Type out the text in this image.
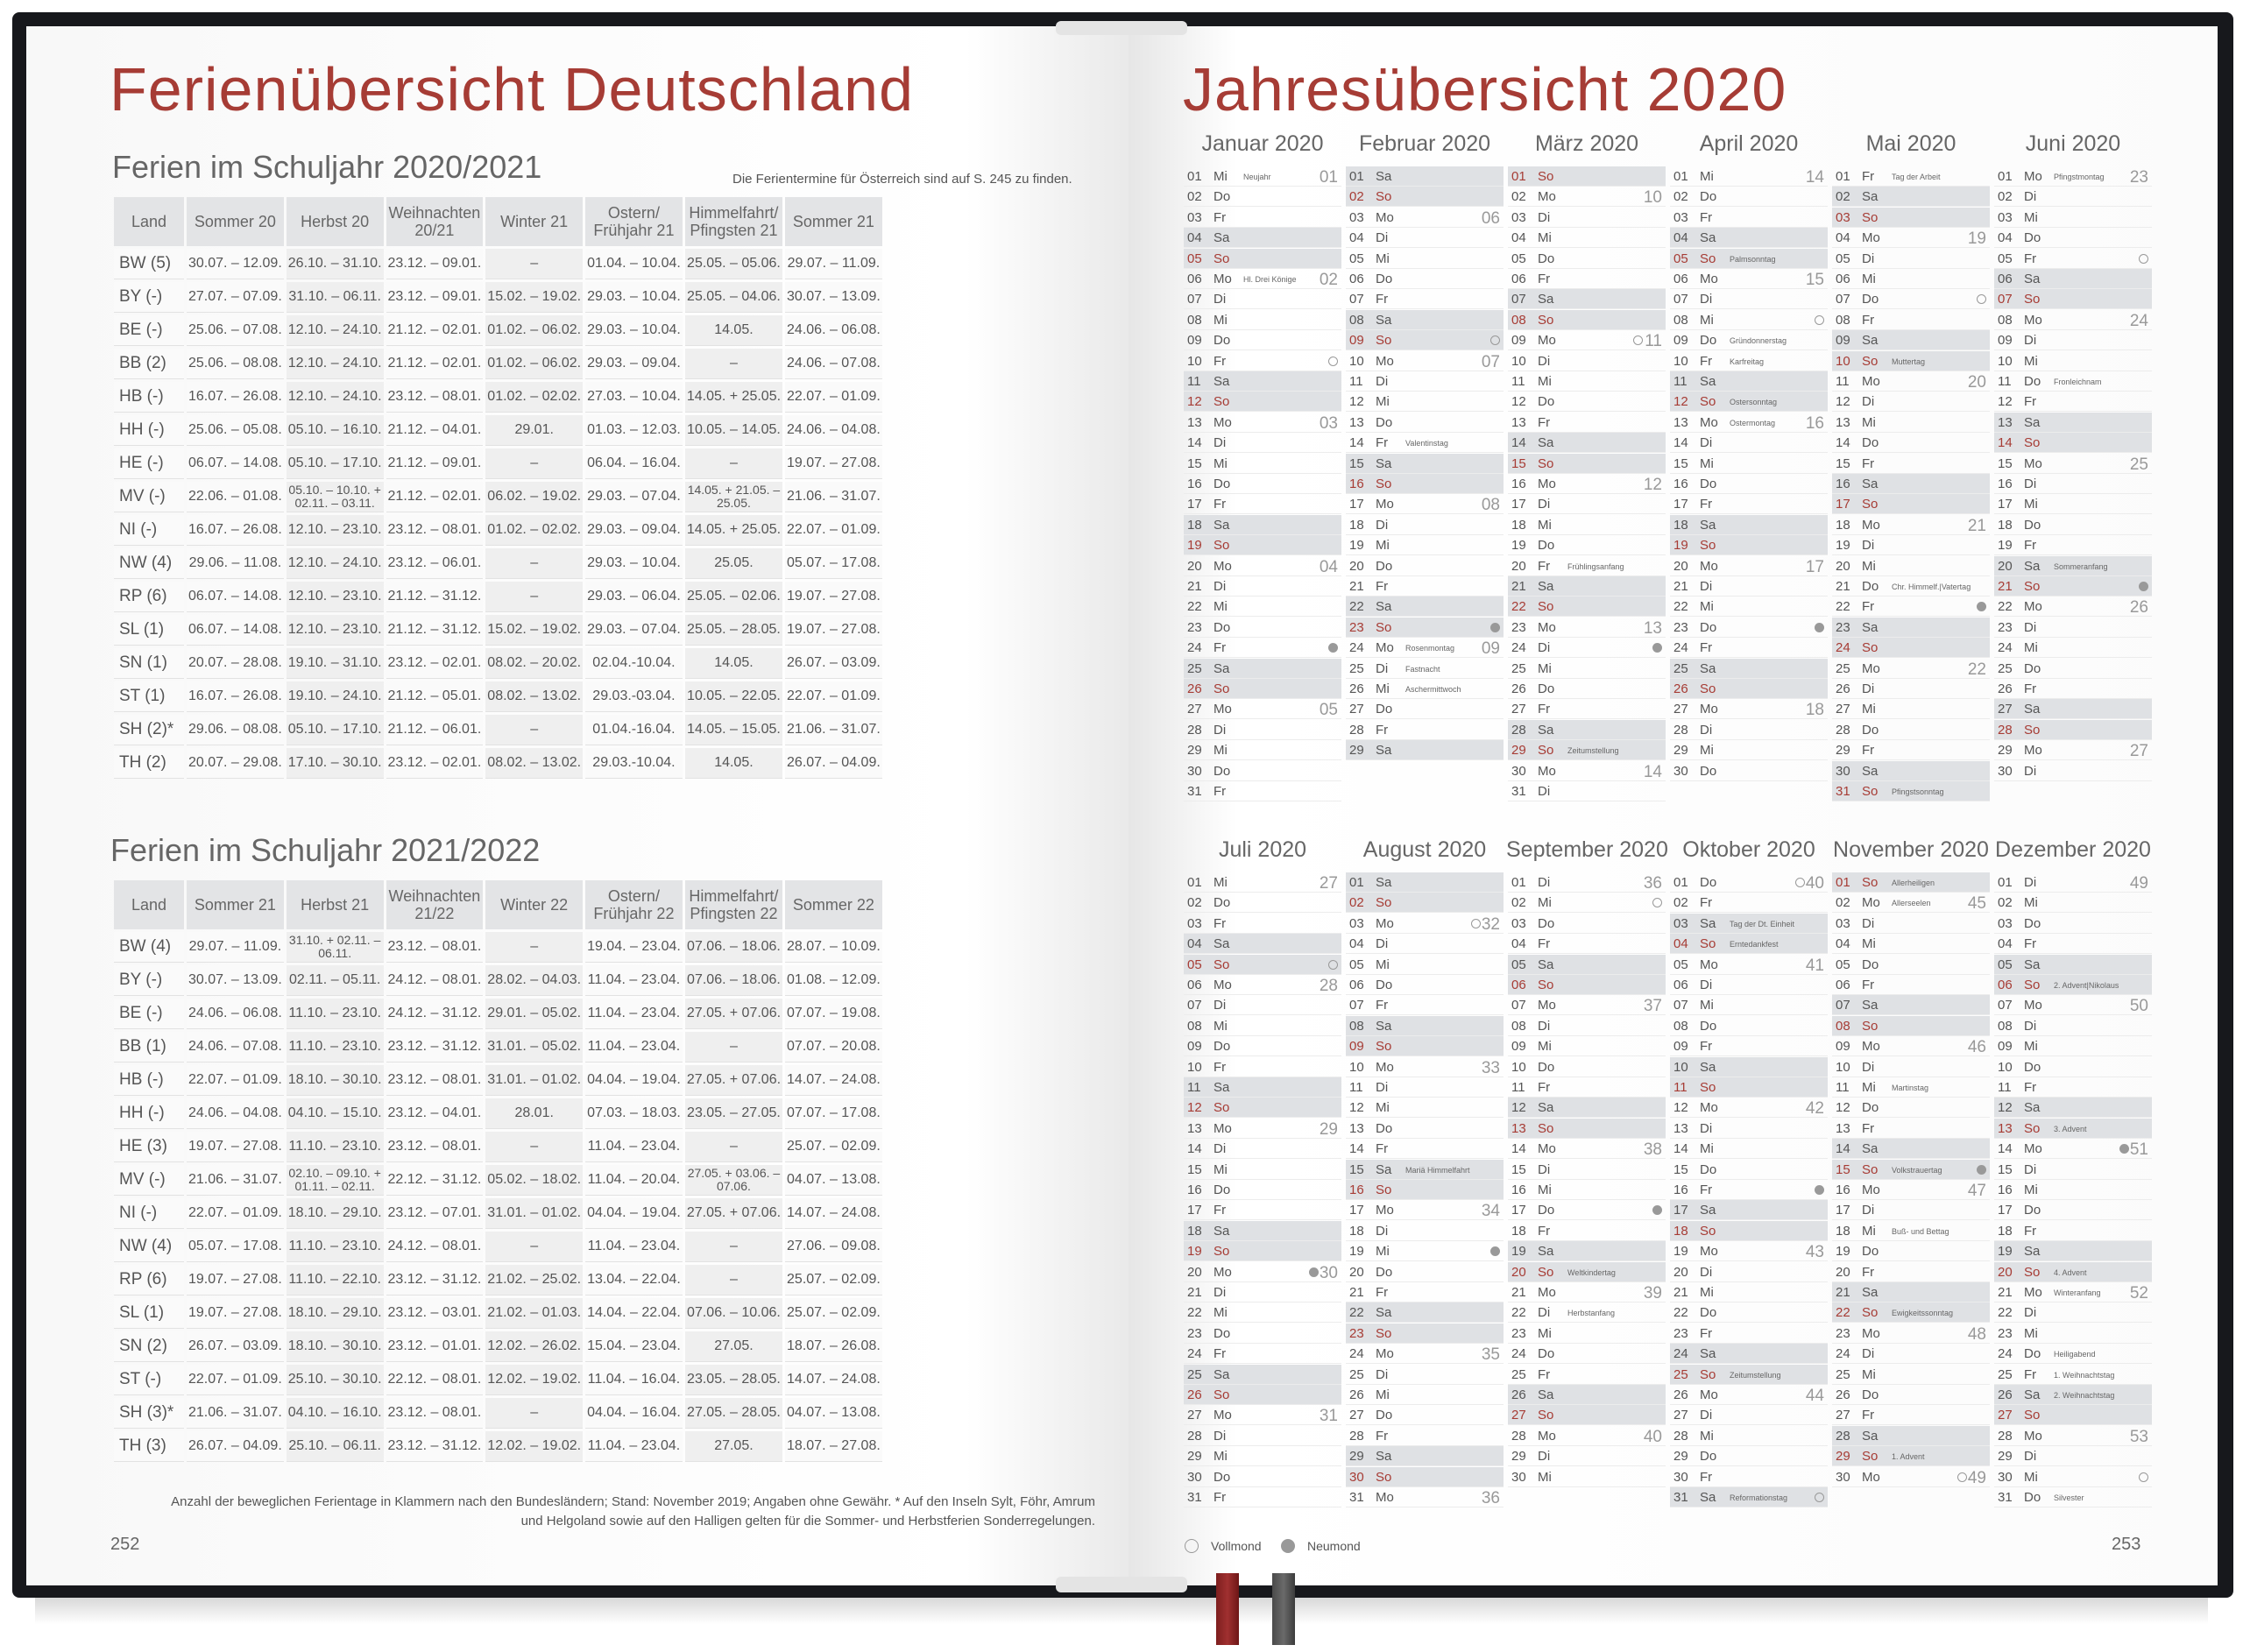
Ferienübersicht Deutschland
Ferien im Schuljahr 2020/2021	Die Ferientermine für Österreich sind auf S. 245 zu finden.
Land	Sommer 20	Herbst 20	Weihnachten
20/21	Winter 21	Ostern/
Frühjahr 21	Himmelfahrt/
Pfingsten 21	Sommer 21
BW (5)	30.07. – 12.09.	26.10. – 31.10.	23.12. – 09.01.	–	01.04. – 10.04.	25.05. – 05.06.	29.07. – 11.09.
BY (-)	27.07. – 07.09.	31.10. – 06.11.	23.12. – 09.01.	15.02. – 19.02.	29.03. – 10.04.	25.05. – 04.06.	30.07. – 13.09.
BE (-)	25.06. – 07.08.	12.10. – 24.10.	21.12. – 02.01.	01.02. – 06.02.	29.03. – 10.04.	14.05.	24.06. – 06.08.
BB (2)	25.06. – 08.08.	12.10. – 24.10.	21.12. – 02.01.	01.02. – 06.02.	29.03. – 09.04.	–	24.06. – 07.08.
HB (-)	16.07. – 26.08.	12.10. – 24.10.	23.12. – 08.01.	01.02. – 02.02.	27.03. – 10.04.	14.05. + 25.05.	22.07. – 01.09.
HH (-)	25.06. – 05.08.	05.10. – 16.10.	21.12. – 04.01.	29.01.	01.03. – 12.03.	10.05. – 14.05.	24.06. – 04.08.
HE (-)	06.07. – 14.08.	05.10. – 17.10.	21.12. – 09.01.	–	06.04. – 16.04.	–	19.07. – 27.08.
MV (-)	22.06. – 01.08.	05.10. – 10.10. + 02.11. – 03.11.	21.12. – 02.01.	06.02. – 19.02.	29.03. – 07.04.	14.05. + 21.05. – 25.05.	21.06. – 31.07.
NI (-)	16.07. – 26.08.	12.10. – 23.10.	23.12. – 08.01.	01.02. – 02.02.	29.03. – 09.04.	14.05. + 25.05.	22.07. – 01.09.
NW (4)	29.06. – 11.08.	12.10. – 24.10.	23.12. – 06.01.	–	29.03. – 10.04.	25.05.	05.07. – 17.08.
RP (6)	06.07. – 14.08.	12.10. – 23.10.	21.12. – 31.12.	–	29.03. – 06.04.	25.05. – 02.06.	19.07. – 27.08.
SL (1)	06.07. – 14.08.	12.10. – 23.10.	21.12. – 31.12.	15.02. – 19.02.	29.03. – 07.04.	25.05. – 28.05.	19.07. – 27.08.
SN (1)	20.07. – 28.08.	19.10. – 31.10.	23.12. – 02.01.	08.02. – 20.02.	02.04.-10.04.	14.05.	26.07. – 03.09.
ST (1)	16.07. – 26.08.	19.10. – 24.10.	21.12. – 05.01.	08.02. – 13.02.	29.03.-03.04.	10.05. – 22.05.	22.07. – 01.09.
SH (2)*	29.06. – 08.08.	05.10. – 17.10.	21.12. – 06.01.	–	01.04.-16.04.	14.05. – 15.05.	21.06. – 31.07.
TH (2)	20.07. – 29.08.	17.10. – 30.10.	23.12. – 02.01.	08.02. – 13.02.	29.03.-10.04.	14.05.	26.07. – 04.09.
Ferien im Schuljahr 2021/2022
Land	Sommer 21	Herbst 21	Weihnachten
21/22	Winter 22	Ostern/
Frühjahr 22	Himmelfahrt/
Pfingsten 22	Sommer 22
BW (4)	29.07. – 11.09.	31.10. + 02.11. – 06.11.	23.12. – 08.01.	–	19.04. – 23.04.	07.06. – 18.06.	28.07. – 10.09.
BY (-)	30.07. – 13.09.	02.11. – 05.11.	24.12. – 08.01.	28.02. – 04.03.	11.04. – 23.04.	07.06. – 18.06.	01.08. – 12.09.
BE (-)	24.06. – 06.08.	11.10. – 23.10.	24.12. – 31.12.	29.01. – 05.02.	11.04. – 23.04.	27.05. + 07.06.	07.07. – 19.08.
BB (1)	24.06. – 07.08.	11.10. – 23.10.	23.12. – 31.12.	31.01. – 05.02.	11.04. – 23.04.	–	07.07. – 20.08.
HB (-)	22.07. – 01.09.	18.10. – 30.10.	23.12. – 08.01.	31.01. – 01.02.	04.04. – 19.04.	27.05. + 07.06.	14.07. – 24.08.
HH (-)	24.06. – 04.08.	04.10. – 15.10.	23.12. – 04.01.	28.01.	07.03. – 18.03.	23.05. – 27.05.	07.07. – 17.08.
HE (3)	19.07. – 27.08.	11.10. – 23.10.	23.12. – 08.01.	–	11.04. – 23.04.	–	25.07. – 02.09.
MV (-)	21.06. – 31.07.	02.10. – 09.10. + 01.11. – 02.11.	22.12. – 31.12.	05.02. – 18.02.	11.04. – 20.04.	27.05. + 03.06. – 07.06.	04.07. – 13.08.
NI (-)	22.07. – 01.09.	18.10. – 29.10.	23.12. – 07.01.	31.01. – 01.02.	04.04. – 19.04.	27.05. + 07.06.	14.07. – 24.08.
NW (4)	05.07. – 17.08.	11.10. – 23.10.	24.12. – 08.01.	–	11.04. – 23.04.	–	27.06. – 09.08.
RP (6)	19.07. – 27.08.	11.10. – 22.10.	23.12. – 31.12.	21.02. – 25.02.	13.04. – 22.04.	–	25.07. – 02.09.
SL (1)	19.07. – 27.08.	18.10. – 29.10.	23.12. – 03.01.	21.02. – 01.03.	14.04. – 22.04.	07.06. – 10.06.	25.07. – 02.09.
SN (2)	26.07. – 03.09.	18.10. – 30.10.	23.12. – 01.01.	12.02. – 26.02.	15.04. – 23.04.	27.05.	18.07. – 26.08.
ST (-)	22.07. – 01.09.	25.10. – 30.10.	22.12. – 08.01.	12.02. – 19.02.	11.04. – 16.04.	23.05. – 28.05.	14.07. – 24.08.
SH (3)*	21.06. – 31.07.	04.10. – 16.10.	23.12. – 08.01.	–	04.04. – 16.04.	27.05. – 28.05.	04.07. – 13.08.
TH (3)	26.07. – 04.09.	25.10. – 06.11.	23.12. – 31.12.	12.02. – 19.02.	11.04. – 23.04.	27.05.	18.07. – 27.08.
Anzahl der beweglichen Ferientage in Klammern nach den Bundesländern; Stand: November 2019; Angaben ohne Gewähr. * Auf den Inseln Sylt, Föhr, Amrum
und Helgoland sowie auf den Halligen gelten für die Sommer- und Herbstferien Sonderregelungen.
252
Jahresübersicht 2020
Januar 2020
01 Mi Neujahr	01
02 Do
03 Fr
04 Sa
05 So
06 Mo Hl. Drei Könige 02
07 Di
08 Mi
09 Do
10 Fr
11 Sa
12 So
13 Mo	03
14 Di
15 Mi
16 Do
17 Fr
18 Sa
19 So
20 Mo	04
21 Di
22 Mi
23 Do
24 Fr
25 Sa
26 So
27 Mo	05
28 Di
29 Mi
30 Do
31 Fr
Februar 2020
01 Sa
02 So
03 Mo	06
04 Di
05 Mi
06 Do
07 Fr
08 Sa
09 So
10 Mo	07
11 Di
12 Mi
13 Do
14 Fr Valentinstag
15 Sa
16 So
17 Mo	08
18 Di
19 Mi
20 Do
21 Fr
22 Sa
23 So
24 Mo Rosenmontag 09
25 Di Fastnacht
26 Mi Aschermittwoch
27 Do
28 Fr
29 Sa
März 2020
01 So
02 Mo	10
03 Di
04 Mi
05 Do
06 Fr
07 Sa
08 So
09 Mo	11
10 Di
11 Mi
12 Do
13 Fr
14 Sa
15 So
16 Mo	12
17 Di
18 Mi
19 Do
20 Fr Frühlingsanfang
21 Sa
22 So
23 Mo	13
24 Di
25 Mi
26 Do
27 Fr
28 Sa
29 So Zeitumstellung
30 Mo	14
31 Di
April 2020
01 Mi	14
02 Do
03 Fr
04 Sa
05 So Palmsonntag
06 Mo	15
07 Di
08 Mi
09 Do Gründonnerstag
10 Fr Karfreitag
11 Sa
12 So Ostersonntag
13 Mo Ostermontag 16
14 Di
15 Mi
16 Do
17 Fr
18 Sa
19 So
20 Mo	17
21 Di
22 Mi
23 Do
24 Fr
25 Sa
26 So
27 Mo	18
28 Di
29 Mi
30 Do
Mai 2020
01 Fr Tag der Arbeit
02 Sa
03 So
04 Mo	19
05 Di
06 Mi
07 Do
08 Fr
09 Sa
10 So Muttertag
11 Mo	20
12 Di
13 Mi
14 Do
15 Fr
16 Sa
17 So
18 Mo	21
19 Di
20 Mi
21 Do Chr. Himmelf.|Vatertag
22 Fr
23 Sa
24 So
25 Mo	22
26 Di
27 Mi
28 Do
29 Fr
30 Sa
31 So Pfingstsonntag
Juni 2020
01 Mo Pfingstmontag 23
02 Di
03 Mi
04 Do
05 Fr
06 Sa
07 So
08 Mo	24
09 Di
10 Mi
11 Do Fronleichnam
12 Fr
13 Sa
14 So
15 Mo	25
16 Di
17 Mi
18 Do
19 Fr
20 Sa Sommeranfang
21 So
22 Mo	26
23 Di
24 Mi
25 Do
26 Fr
27 Sa
28 So
29 Mo	27
30 Di
Juli 2020
01 Mi	27
02 Do
03 Fr
04 Sa
05 So
06 Mo	28
07 Di
08 Mi
09 Do
10 Fr
11 Sa
12 So
13 Mo	29
14 Di
15 Mi
16 Do
17 Fr
18 Sa
19 So
20 Mo	30
21 Di
22 Mi
23 Do
24 Fr
25 Sa
26 So
27 Mo	31
28 Di
29 Mi
30 Do
31 Fr
August 2020
01 Sa
02 So
03 Mo	32
04 Di
05 Mi
06 Do
07 Fr
08 Sa
09 So
10 Mo	33
11 Di
12 Mi
13 Do
14 Fr
15 Sa Mariä Himmelfahrt
16 So
17 Mo	34
18 Di
19 Mi
20 Do
21 Fr
22 Sa
23 So
24 Mo	35
25 Di
26 Mi
27 Do
28 Fr
29 Sa
30 So
31 Mo	36
September 2020
01 Di	36
02 Mi
03 Do
04 Fr
05 Sa
06 So
07 Mo	37
08 Di
09 Mi
10 Do
11 Fr
12 Sa
13 So
14 Mo	38
15 Di
16 Mi
17 Do
18 Fr
19 Sa
20 So Weltkindertag
21 Mo	39
22 Di Herbstanfang
23 Mi
24 Do
25 Fr
26 Sa
27 So
28 Mo	40
29 Di
30 Mi
Oktober 2020
01 Do	40
02 Fr
03 Sa Tag der Dt. Einheit
04 So Erntedankfest
05 Mo	41
06 Di
07 Mi
08 Do
09 Fr
10 Sa
11 So
12 Mo	42
13 Di
14 Mi
15 Do
16 Fr
17 Sa
18 So
19 Mo	43
20 Di
21 Mi
22 Do
23 Fr
24 Sa
25 So Zeitumstellung
26 Mo	44
27 Di
28 Mi
29 Do
30 Fr
31 Sa Reformationstag
November 2020
01 So Allerheiligen
02 Mo Allerseelen 45
03 Di
04 Mi
05 Do
06 Fr
07 Sa
08 So
09 Mo	46
10 Di
11 Mi Martinstag
12 Do
13 Fr
14 Sa
15 So Volkstrauertag
16 Mo	47
17 Di
18 Mi Buß- und Bettag
19 Do
20 Fr
21 Sa
22 So Ewigkeitssonntag
23 Mo	48
24 Di
25 Mi
26 Do
27 Fr
28 Sa
29 So 1. Advent
30 Mo	49
Dezember 2020
01 Di	49
02 Mi
03 Do
04 Fr
05 Sa
06 So 2. Advent|Nikolaus
07 Mo	50
08 Di
09 Mi
10 Do
11 Fr
12 Sa
13 So 3. Advent
14 Mo	51
15 Di
16 Mi
17 Do
18 Fr
19 Sa
20 So 4. Advent
21 Mo Winteranfang 52
22 Di
23 Mi
24 Do Heiligabend
25 Fr 1. Weihnachtstag
26 Sa 2. Weihnachtstag
27 So
28 Mo	53
29 Di
30 Mi
31 Do Silvester
Vollmond	Neumond	253
